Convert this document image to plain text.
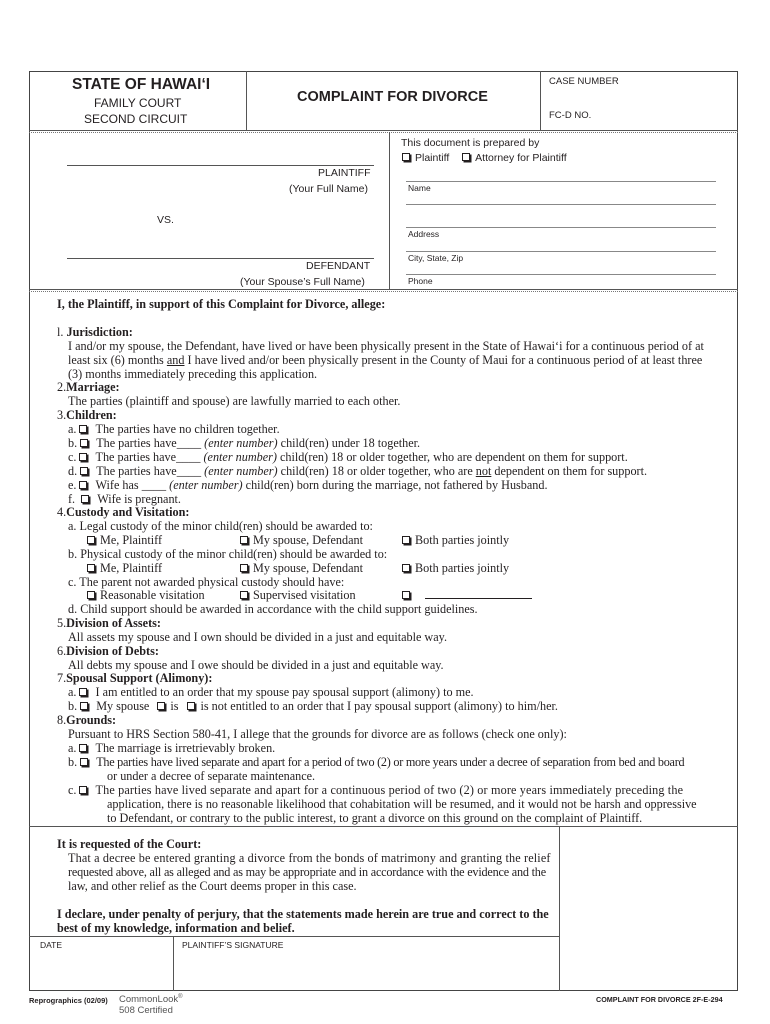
STATE OF HAWAI‘I
FAMILY COURT
SECOND CIRCUIT
COMPLAINT FOR DIVORCE
CASE NUMBER
FC-D NO.
PLAINTIFF
(Your Full Name)
VS.
DEFENDANT
(Your Spouse’s Full Name)
This document is prepared by
Plaintiff Attorney for Plaintiff
Name
Address
City, State, Zip
Phone
I, the Plaintiff, in support of this Complaint for Divorce, allege:
l. Jurisdiction:
I and/or my spouse, the Defendant, have lived or have been physically present in the State of Hawai‘i for a continuous period of at
least six (6) months and I have lived and/or been physically present in the County of Maui for a continuous period of at least three
(3) months immediately preceding this application.
2.Marriage:
The parties (plaintiff and spouse) are lawfully married to each other.
3.Children:
a. The parties have no children together.
b. The parties have____ (enter number) child(ren) under 18 together.
c. The parties have____ (enter number) child(ren) 18 or older together, who are dependent on them for support.
d. The parties have____ (enter number) child(ren) 18 or older together, who are not dependent on them for support.
e. Wife has ____ (enter number) child(ren) born during the marriage, not fathered by Husband.
f. Wife is pregnant.
4.Custody and Visitation:
a. Legal custody of the minor child(ren) should be awarded to:
Me, Plaintiff	My spouse, Defendant	Both parties jointly
b. Physical custody of the minor child(ren) should be awarded to:
Me, Plaintiff	My spouse, Defendant	Both parties jointly
c. The parent not awarded physical custody should have:
Reasonable visitation	Supervised visitation
d. Child support should be awarded in accordance with the child support guidelines.
5.Division of Assets:
All assets my spouse and I own should be divided in a just and equitable way.
6.Division of Debts:
All debts my spouse and I owe should be divided in a just and equitable way.
7.Spousal Support (Alimony):
a. I am entitled to an order that my spouse pay spousal support (alimony) to me.
b. My spouse is is not entitled to an order that I pay spousal support (alimony) to him/her.
8.Grounds:
Pursuant to HRS Section 580-41, I allege that the grounds for divorce are as follows (check one only):
a. The marriage is irretrievably broken.
b. The parties have lived separate and apart for a period of two (2) or more years under a decree of separation from bed and board
or under a decree of separate maintenance.
c. The parties have lived separate and apart for a continuous period of two (2) or more years immediately preceding the
application, there is no reasonable likelihood that cohabitation will be resumed, and it would not be harsh and oppressive
to Defendant, or contrary to the public interest, to grant a divorce on this ground on the complaint of Plaintiff.
It is requested of the Court:
That a decree be entered granting a divorce from the bonds of matrimony and granting the relief
requested above, all as alleged and as may be appropriate and in accordance with the evidence and the
law, and other relief as the Court deems proper in this case.
I declare, under penalty of perjury, that the statements made herein are true and correct to the
best of my knowledge, information and belief.
DATE	PLAINTIFF’S SIGNATURE
Reprographics (02/09) CommonLook®
508 Certified
COMPLAINT FOR DIVORCE 2F-E-294
